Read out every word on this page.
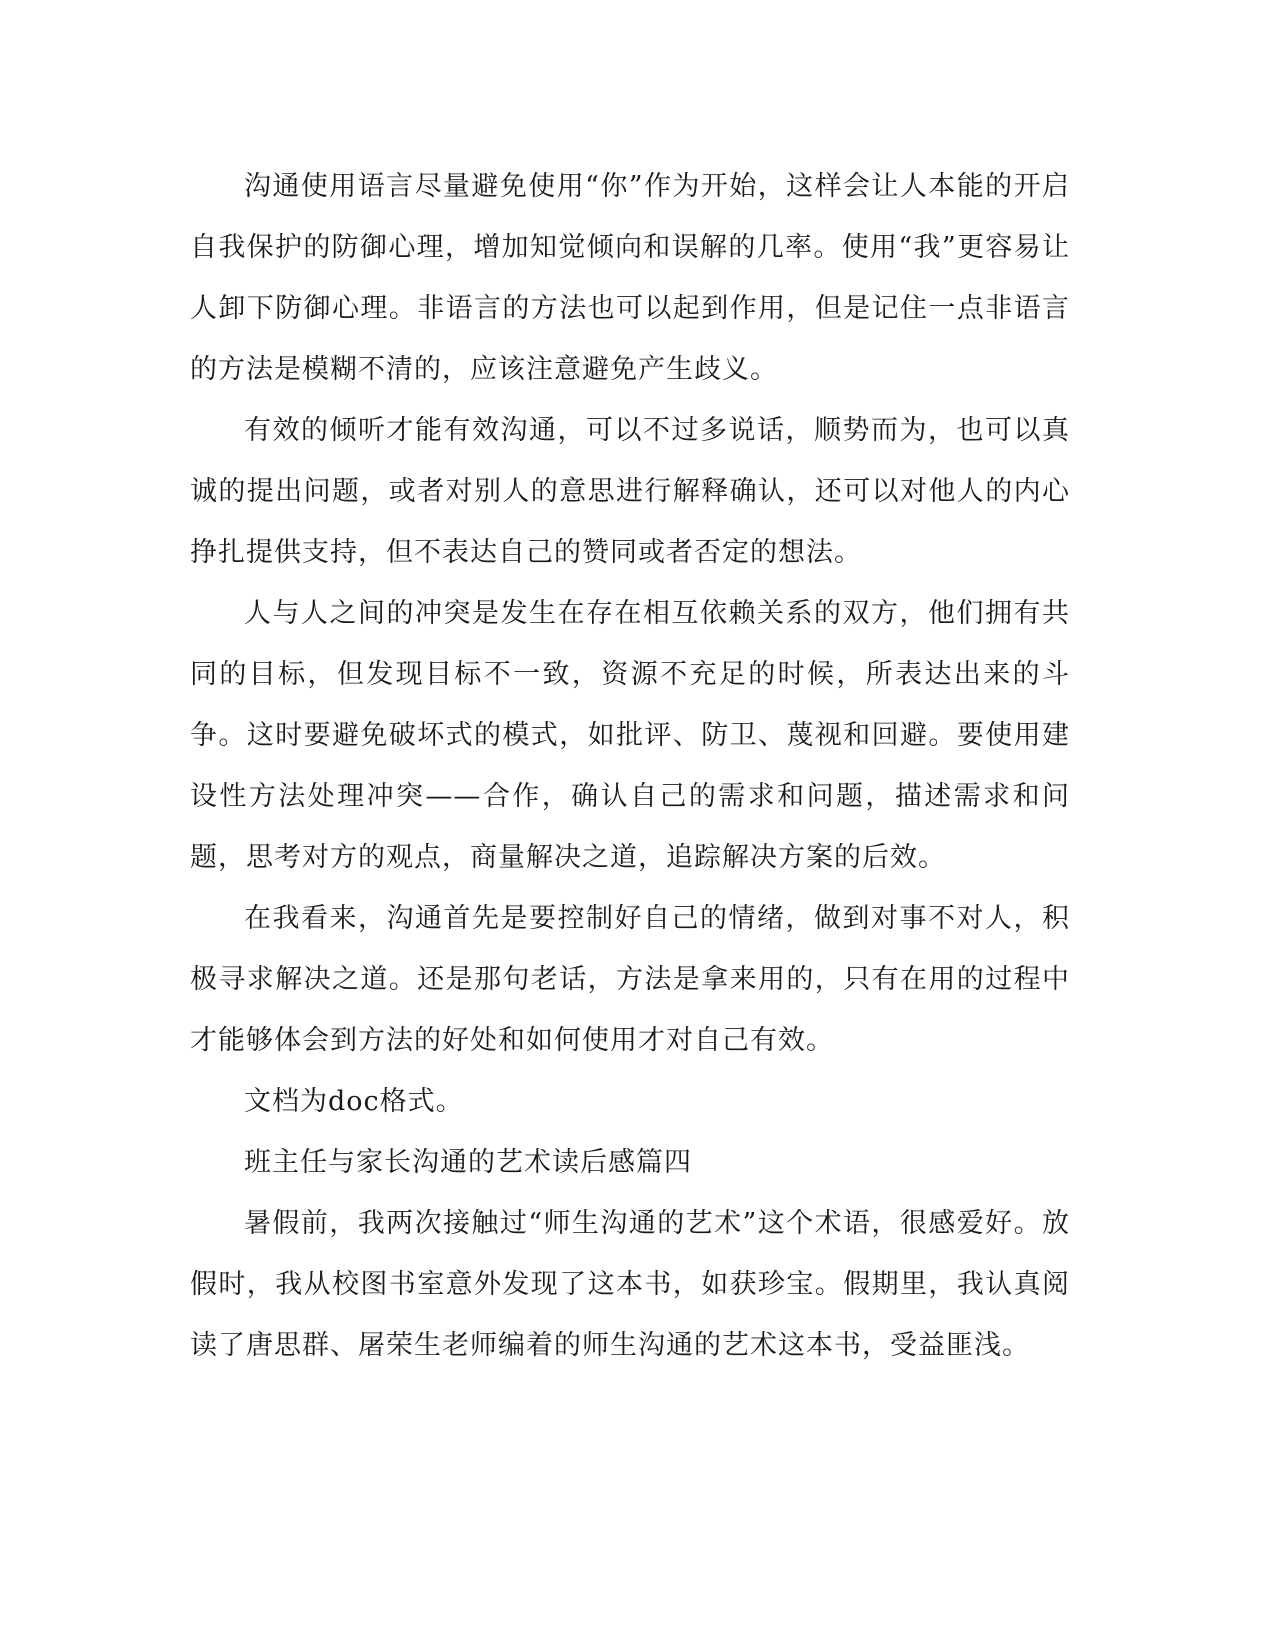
沟通使用语言尽量避免使用“你”作为开始，这样会让人本能的开启自我保护的防御心理，增加知觉倾向和误解的几率。使用“我”更容易让人卸下防御心理。非语言的方法也可以起到作用，但是记住一点非语言的方法是模糊不清的，应该注意避免产生歧义。

有效的倾听才能有效沟通，可以不过多说话，顺势而为，也可以真诚的提出问题，或者对别人的意思进行解释确认，还可以对他人的内心挣扎提供支持，但不表达自己的赞同或者否定的想法。

人与人之间的冲突是发生在存在相互依赖关系的双方，他们拥有共同的目标，但发现目标不一致，资源不充足的时候，所表达出来的斗争。这时要避免破坏式的模式，如批评、防卫、蔑视和回避。要使用建设性方法处理冲突——合作，确认自己的需求和问题，描述需求和问题，思考对方的观点，商量解决之道，追踪解决方案的后效。

在我看来，沟通首先是要控制好自己的情绪，做到对事不对人，积极寻求解决之道。还是那句老话，方法是拿来用的，只有在用的过程中才能够体会到方法的好处和如何使用才对自己有效。

文档为doc格式。

班主任与家长沟通的艺术读后感篇四

暑假前，我两次接触过“师生沟通的艺术”这个术语，很感爱好。放假时，我从校图书室意外发现了这本书，如获珍宝。假期里，我认真阅读了唐思群、屠荣生老师编着的师生沟通的艺术这本书，受益匪浅。
